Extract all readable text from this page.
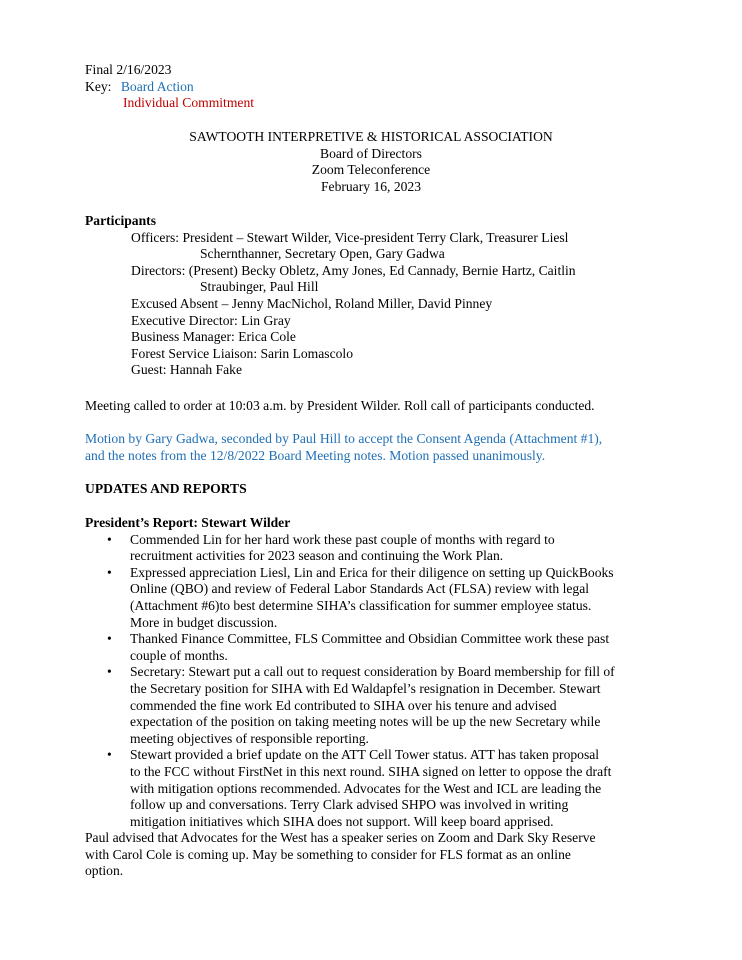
Final 2/16/2023
Key: Board Action
Individual Commitment
SAWTOOTH INTERPRETIVE & HISTORICAL ASSOCIATION
Board of Directors
Zoom Teleconference
February 16, 2023
Participants
Officers: President – Stewart Wilder, Vice-president Terry Clark, Treasurer Liesl
Schernthanner, Secretary Open, Gary Gadwa
Directors: (Present) Becky Obletz, Amy Jones, Ed Cannady, Bernie Hartz, Caitlin
Straubinger, Paul Hill
Excused Absent – Jenny MacNichol, Roland Miller, David Pinney
Executive Director: Lin Gray
Business Manager: Erica Cole
Forest Service Liaison: Sarin Lomascolo
Guest: Hannah Fake
Meeting called to order at 10:03 a.m. by President Wilder. Roll call of participants conducted.
Motion by Gary Gadwa, seconded by Paul Hill to accept the Consent Agenda (Attachment #1),
and the notes from the 12/8/2022 Board Meeting notes. Motion passed unanimously.
UPDATES AND REPORTS
President’s Report: Stewart Wilder
• Commended Lin for her hard work these past couple of months with regard to
recruitment activities for 2023 season and continuing the Work Plan.
• Expressed appreciation Liesl, Lin and Erica for their diligence on setting up QuickBooks
Online (QBO) and review of Federal Labor Standards Act (FLSA) review with legal
(Attachment #6)to best determine SIHA’s classification for summer employee status.
More in budget discussion.
• Thanked Finance Committee, FLS Committee and Obsidian Committee work these past
couple of months.
• Secretary: Stewart put a call out to request consideration by Board membership for fill of
the Secretary position for SIHA with Ed Waldapfel’s resignation in December. Stewart
commended the fine work Ed contributed to SIHA over his tenure and advised
expectation of the position on taking meeting notes will be up the new Secretary while
meeting objectives of responsible reporting.
• Stewart provided a brief update on the ATT Cell Tower status. ATT has taken proposal
to the FCC without FirstNet in this next round. SIHA signed on letter to oppose the draft
with mitigation options recommended. Advocates for the West and ICL are leading the
follow up and conversations. Terry Clark advised SHPO was involved in writing
mitigation initiatives which SIHA does not support. Will keep board apprised.
Paul advised that Advocates for the West has a speaker series on Zoom and Dark Sky Reserve
with Carol Cole is coming up. May be something to consider for FLS format as an online
option.
